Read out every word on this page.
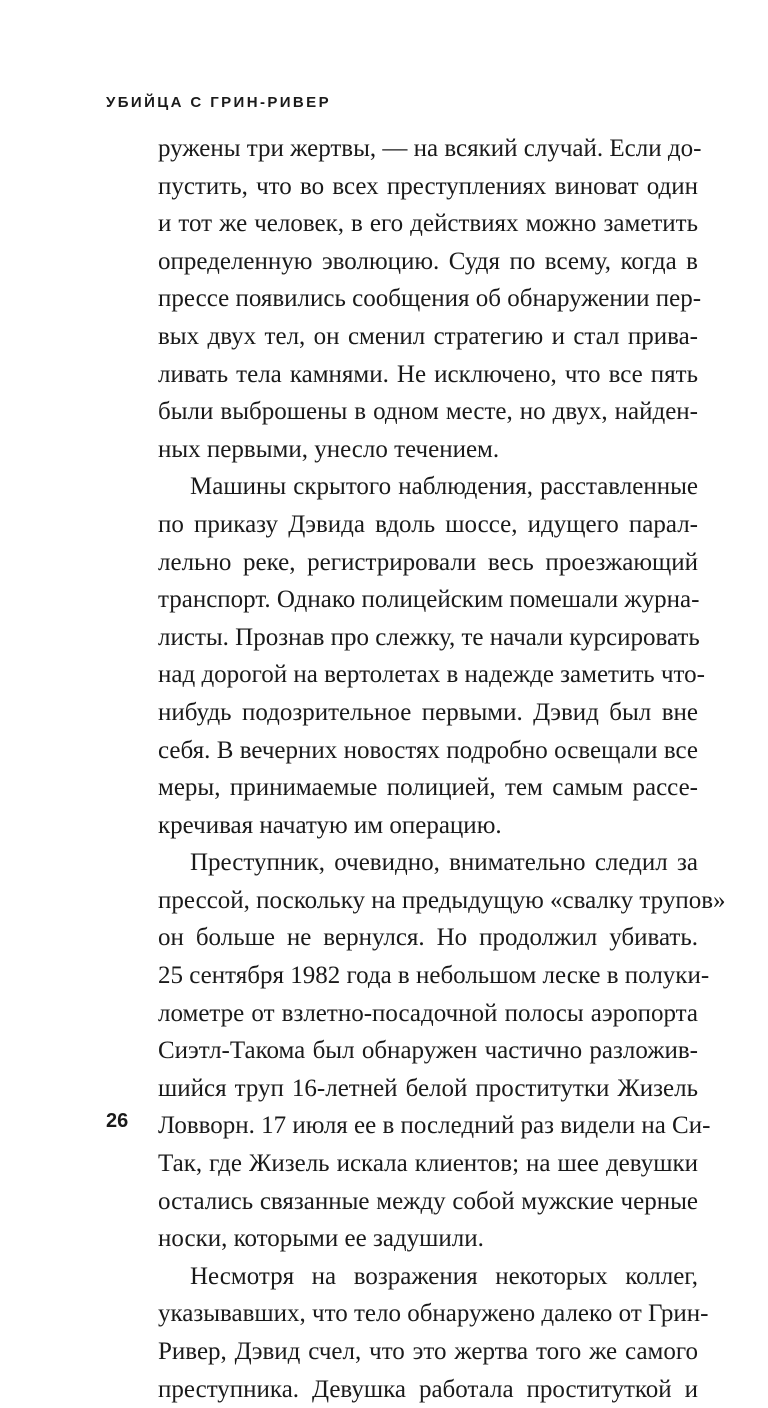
УБИЙЦА С ГРИН-РИВЕР
ружены три жертвы, — на всякий случай. Если до-
пустить, что во всех преступлениях виноват один
и тот же человек, в его действиях можно заметить
определенную эволюцию. Судя по всему, когда в
прессе появились сообщения об обнаружении пер-
вых двух тел, он сменил стратегию и стал прива-
ливать тела камнями. Не исключено, что все пять
были выброшены в одном месте, но двух, найден-
ных первыми, унесло течением.
Машины скрытого наблюдения, расставленные
по приказу Дэвида вдоль шоссе, идущего парал-
лельно реке, регистрировали весь проезжающий
транспорт. Однако полицейским помешали журна-
листы. Прознав про слежку, те начали курсировать
над дорогой на вертолетах в надежде заметить что-
нибудь подозрительное первыми. Дэвид был вне
себя. В вечерних новостях подробно освещали все
меры, принимаемые полицией, тем самым рассе-
кречивая начатую им операцию.
Преступник, очевидно, внимательно следил за
прессой, поскольку на предыдущую «свалку трупов»
он больше не вернулся. Но продолжил убивать.
25 сентября 1982 года в небольшом леске в полуки-
лометре от взлетно-посадочной полосы аэропорта
Сиэтл-Такома был обнаружен частично разложив-
шийся труп 16-летней белой проститутки Жизель
Ловворн. 17 июля ее в последний раз видели на Си-
Так, где Жизель искала клиентов; на шее девушки
остались связанные между собой мужские черные
носки, которыми ее задушили.
Несмотря на возражения некоторых коллег,
указывавших, что тело обнаружено далеко от Грин-
Ривер, Дэвид счел, что это жертва того же самого
преступника. Девушка работала проституткой и
26
